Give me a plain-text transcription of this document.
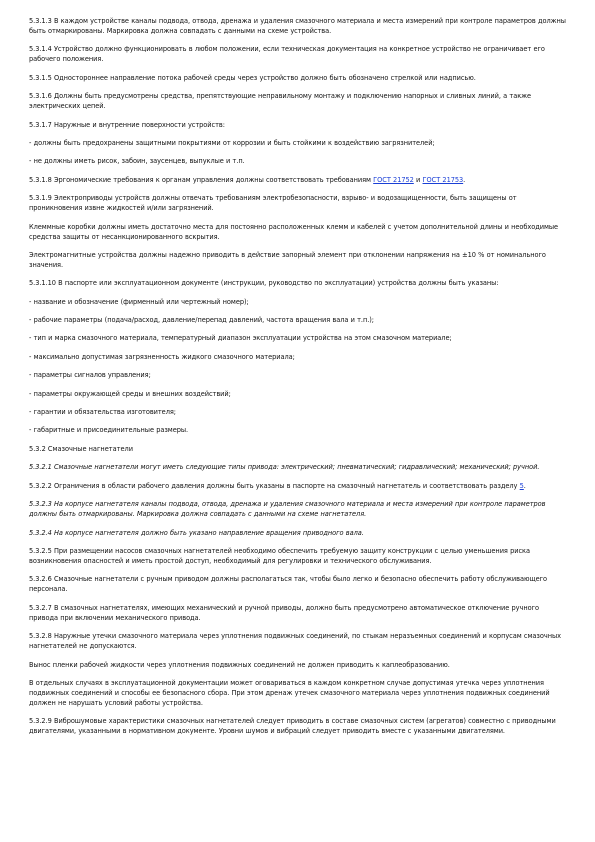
5.3.1.3 В каждом устройстве каналы подвода, отвода, дренажа и удаления смазочного материала и места измерений при контроле параметров должны быть отмаркированы. Маркировка должна совпадать с данными на схеме устройства.

5.3.1.4 Устройство должно функционировать в любом положении, если техническая документация на конкретное устройство не ограничивает его рабочего положения.

5.3.1.5 Одностороннее направление потока рабочей среды через устройство должно быть обозначено стрелкой или надписью.

5.3.1.6 Должны быть предусмотрены средства, препятствующие неправильному монтажу и подключению напорных и сливных линий, а также электрических цепей.

5.3.1.7 Наружные и внутренние поверхности устройств:

- должны быть предохранены защитными покрытиями от коррозии и быть стойкими к воздействию загрязнителей;

- не должны иметь рисок, забоин, заусенцев, выпуклые и т.п.

5.3.1.8 Эргономические требования к органам управления должны соответствовать требованиям ГОСТ 21752 и ГОСТ 21753.

5.3.1.9 Электроприводы устройств должны отвечать требованиям электробезопасности, взрыво- и водозащищенности, быть защищены от проникновения извне жидкостей и/или загрязнений.

Клеммные коробки должны иметь достаточно места для постоянно расположенных клемм и кабелей с учетом дополнительной длины и необходимые средства защиты от несанкционированного вскрытия.

Электромагнитные устройства должны надежно приводить в действие запорный элемент при отклонении напряжения на ±10 % от номинального значения.

5.3.1.10 В паспорте или эксплуатационном документе (инструкции, руководство по эксплуатации) устройства должны быть указаны:

- название и обозначение (фирменный или чертежный номер);

- рабочие параметры (подача/расход, давление/перепад давлений, частота вращения вала и т.п.);

- тип и марка смазочного материала, температурный диапазон эксплуатации устройства на этом смазочном материале;

- максимально допустимая загрязненность жидкого смазочного материала;

- параметры сигналов управления;

- параметры окружающей среды и внешних воздействий;

- гарантии и обязательства изготовителя;

- габаритные и присоединительные размеры.

5.3.2 Смазочные нагнетатели

5.3.2.1 Смазочные нагнетатели могут иметь следующие типы привода: электрический; пневматический; гидравлический; механический; ручной.

5.3.2.2 Ограничения в области рабочего давления должны быть указаны в паспорте на смазочный нагнетатель и соответствовать разделу 5.

5.3.2.3 На корпусе нагнетателя каналы подвода, отвода, дренажа и удаления смазочного материала и места измерений при контроле параметров должны быть отмаркированы. Маркировка должна совпадать с данными на схеме нагнетателя.

5.3.2.4 На корпусе нагнетателя должно быть указано направление вращения приводного вала.

5.3.2.5 При размещении насосов смазочных нагнетателей необходимо обеспечить требуемую защиту конструкции с целью уменьшения риска возникновения опасностей и иметь простой доступ, необходимый для регулировки и технического обслуживания.

5.3.2.6 Смазочные нагнетатели с ручным приводом должны располагаться так, чтобы было легко и безопасно обеспечить работу обслуживающего персонала.

5.3.2.7 В смазочных нагнетателях, имеющих механический и ручной приводы, должно быть предусмотрено автоматическое отключение ручного привода при включении механического привода.

5.3.2.8 Наружные утечки смазочного материала через уплотнения подвижных соединений, по стыкам неразъемных соединений и корпусам смазочных нагнетателей не допускаются.

Вынос пленки рабочей жидкости через уплотнения подвижных соединений не должен приводить к каплеобразованию.

В отдельных случаях в эксплуатационной документации может оговариваться в каждом конкретном случае допустимая утечка через уплотнения подвижных соединений и способы ее безопасного сбора. При этом дренаж утечек смазочного материала через уплотнения подвижных соединений должен не нарушать условий работы устройства.

5.3.2.9 Виброшумовые характеристики смазочных нагнетателей следует приводить в составе смазочных систем (агрегатов) совместно с приводными двигателями, указанными в нормативном документе. Уровни шумов и вибраций следует приводить вместе с указанными двигателями.
